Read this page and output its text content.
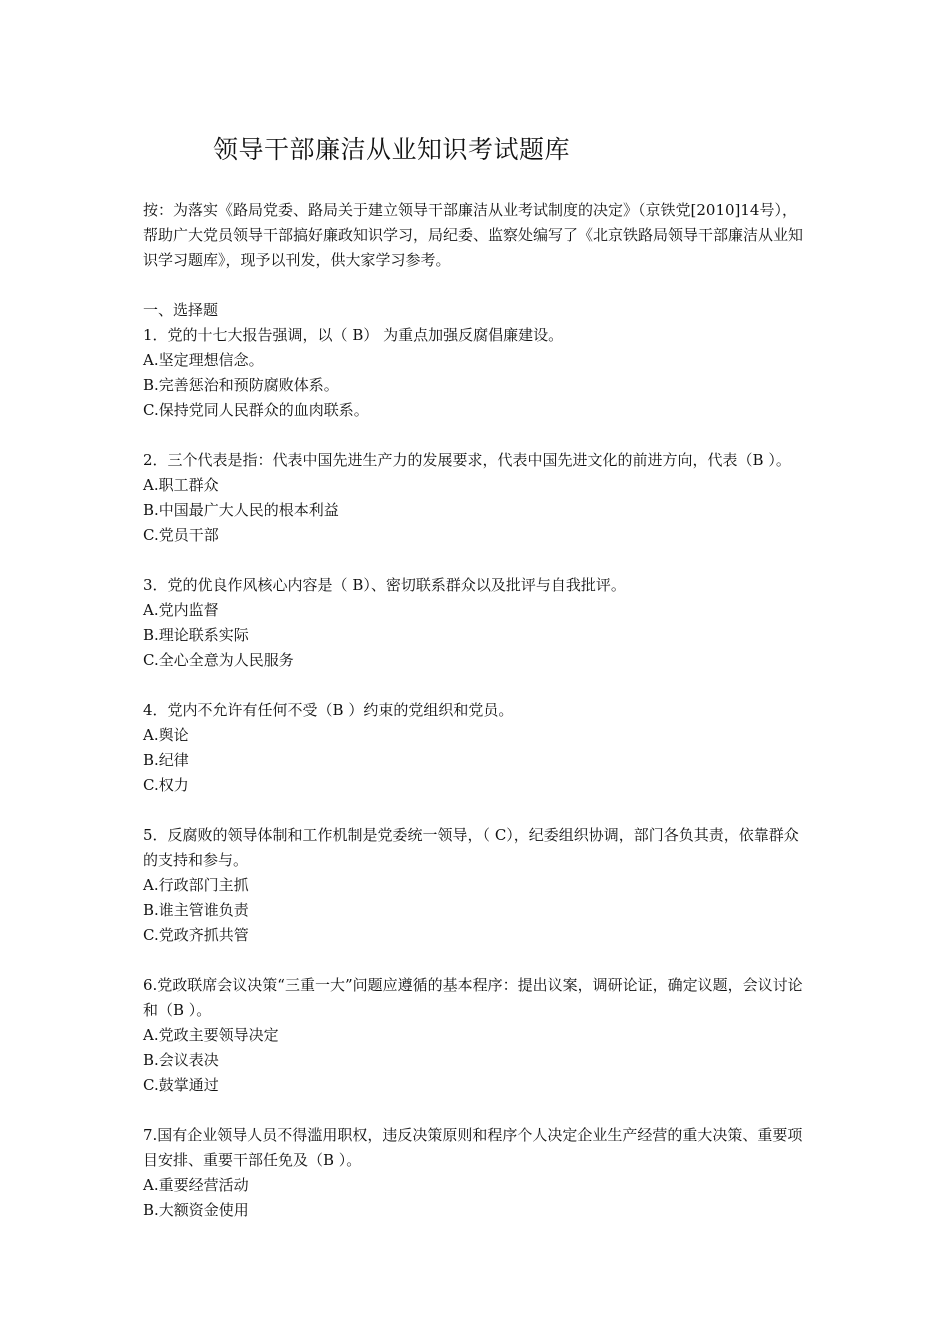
领导干部廉洁从业知识考试题库

按：为落实《路局党委、路局关于建立领导干部廉洁从业考试制度的决定》（京铁党[2010]14号），帮助广大党员领导干部搞好廉政知识学习，局纪委、监察处编写了《北京铁路局领导干部廉洁从业知识学习题库》，现予以刊发，供大家学习参考。

一、选择题
1．党的十七大报告强调，以（ B） 为重点加强反腐倡廉建设。
A.坚定理想信念。
B.完善惩治和预防腐败体系。
C.保持党同人民群众的血肉联系。
2．三个代表是指：代表中国先进生产力的发展要求，代表中国先进文化的前进方向，代表（B ）。
A.职工群众
B.中国最广大人民的根本利益
C.党员干部
3．党的优良作风核心内容是（ B）、密切联系群众以及批评与自我批评。
A.党内监督
B.理论联系实际
C.全心全意为人民服务
4．党内不允许有任何不受（B ）约束的党组织和党员。
A.舆论
B.纪律
C.权力
5．反腐败的领导体制和工作机制是党委统一领导，（ C），纪委组织协调，部门各负其责，依靠群众的支持和参与。
A.行政部门主抓
B.谁主管谁负责
C.党政齐抓共管
6.党政联席会议决策“三重一大”问题应遵循的基本程序：提出议案，调研论证，确定议题，会议讨论和（B ）。
A.党政主要领导决定
B.会议表决
C.鼓掌通过
7.国有企业领导人员不得滥用职权，违反决策原则和程序个人决定企业生产经营的重大决策、重要项目安排、重要干部任免及（B ）。
A.重要经营活动
B.大额资金使用
